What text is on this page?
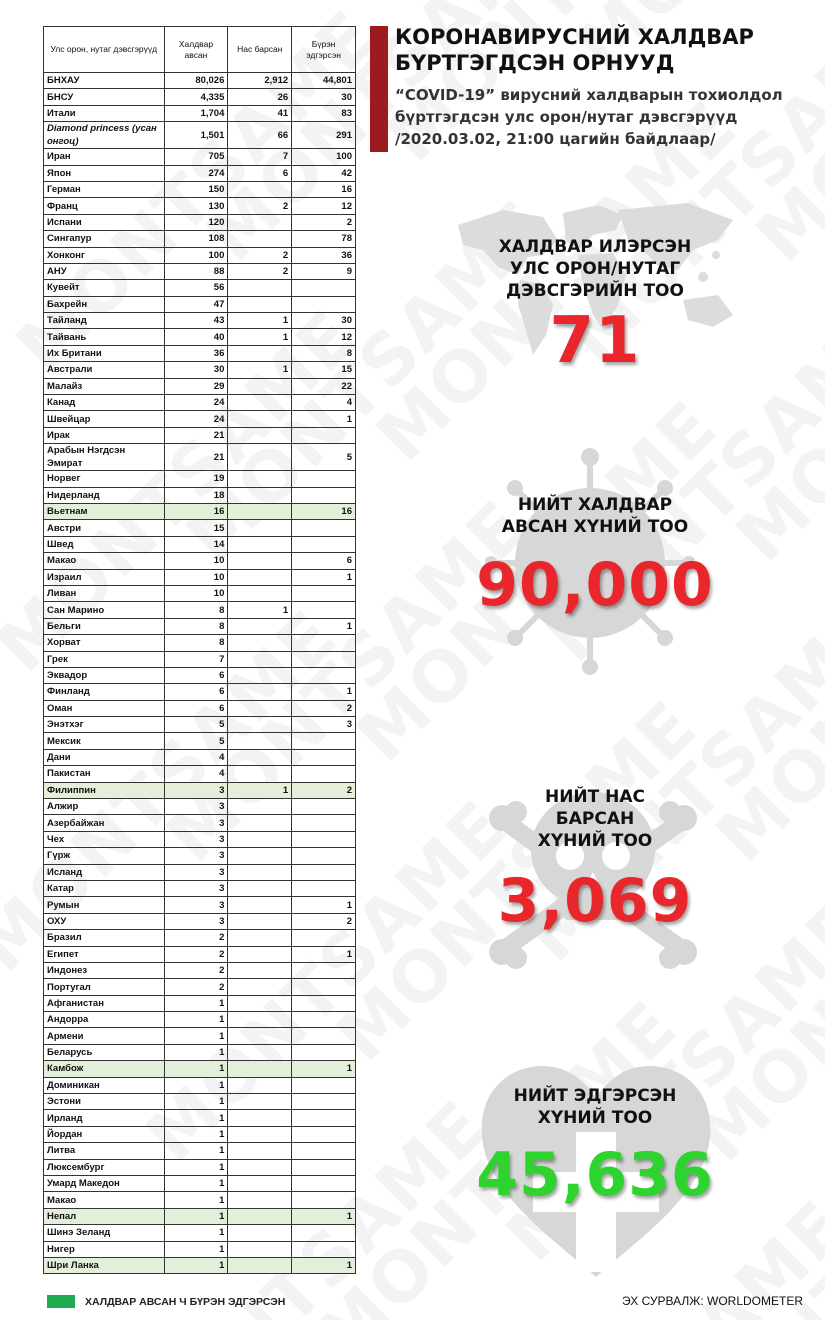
Улс орон, нутаг дэвсгэрүүд	Халдвар авсан	Нас барсан	Бүрэн эдгэрсэн
БНХАУ	80,026	2,912	44,801
БНСУ	4,335	26	30
Итали	1,704	41	83
Diamond princess (усан онгоц)	1,501	66	291
Иран	705	7	100
Япон	274	6	42
Герман	150		16
Франц	130	2	12
Испани	120		2
Сингапур	108		78
Хонконг	100	2	36
АНУ	88	2	9
Кувейт	56		
Бахрейн	47		
Тайланд	43	1	30
Тайвань	40	1	12
Их Британи	36		8
Австрали	30	1	15
Малайз	29		22
Канад	24		4
Швейцар	24		1
Ирак	21		
Арабын Нэгдсэн Эмират	21		5
Норвег	19		
Нидерланд	18		
Вьетнам	16		16
Австри	15		
Швед	14		
Макао	10		6
Израил	10		1
Ливан	10		
Сан Марино	8	1	
Бельги	8		1
Хорват	8		
Грек	7		
Эквадор	6		
Финланд	6		1
Оман	6		2
Энэтхэг	5		3
Мексик	5		
Дани	4		
Пакистан	4		
Филиппин	3	1	2
Алжир	3		
Азербайжан	3		
Чех	3		
Гүрж	3		
Исланд	3		
Катар	3		
Румын	3		1
ОХУ	3		2
Бразил	2		
Египет	2		1
Индонез	2		
Португал	2		
Афганистан	1		
Андорра	1		
Армени	1		
Беларусь	1		
Камбож	1		1
Доминикан	1		
Эстони	1		
Ирланд	1		
Йордан	1		
Литва	1		
Люксембург	1		
Умард Македон	1		
Макао	1		
Непал	1		1
Шинэ Зеланд	1		
Нигер	1		
Шри Ланка	1		1
ХАЛДВАР АВСАН Ч БҮРЭН ЭДГЭРСЭН	ЭХ СУРВАЛЖ: WORLDOMETER
КОРОНАВИРУСНИЙ ХАЛДВАР
БҮРТГЭГДСЭН ОРНУУД
“COVID-19” вирусний халдварын тохиолдол
бүртгэгдсэн улс орон/нутаг дэвсгэрүүд
/2020.03.02, 21:00 цагийн байдлаар/
ХАЛДВАР ИЛЭРСЭН
УЛС ОРОН/НУТАГ
ДЭВСГЭРИЙН ТОО
71
НИЙТ ХАЛДВАР
АВСАН ХҮНИЙ ТОО
90,000
НИЙТ НАС
БАРСАН
ХҮНИЙ ТОО
3,069
НИЙТ ЭДГЭРСЭН
ХҮНИЙ ТОО
45,636
